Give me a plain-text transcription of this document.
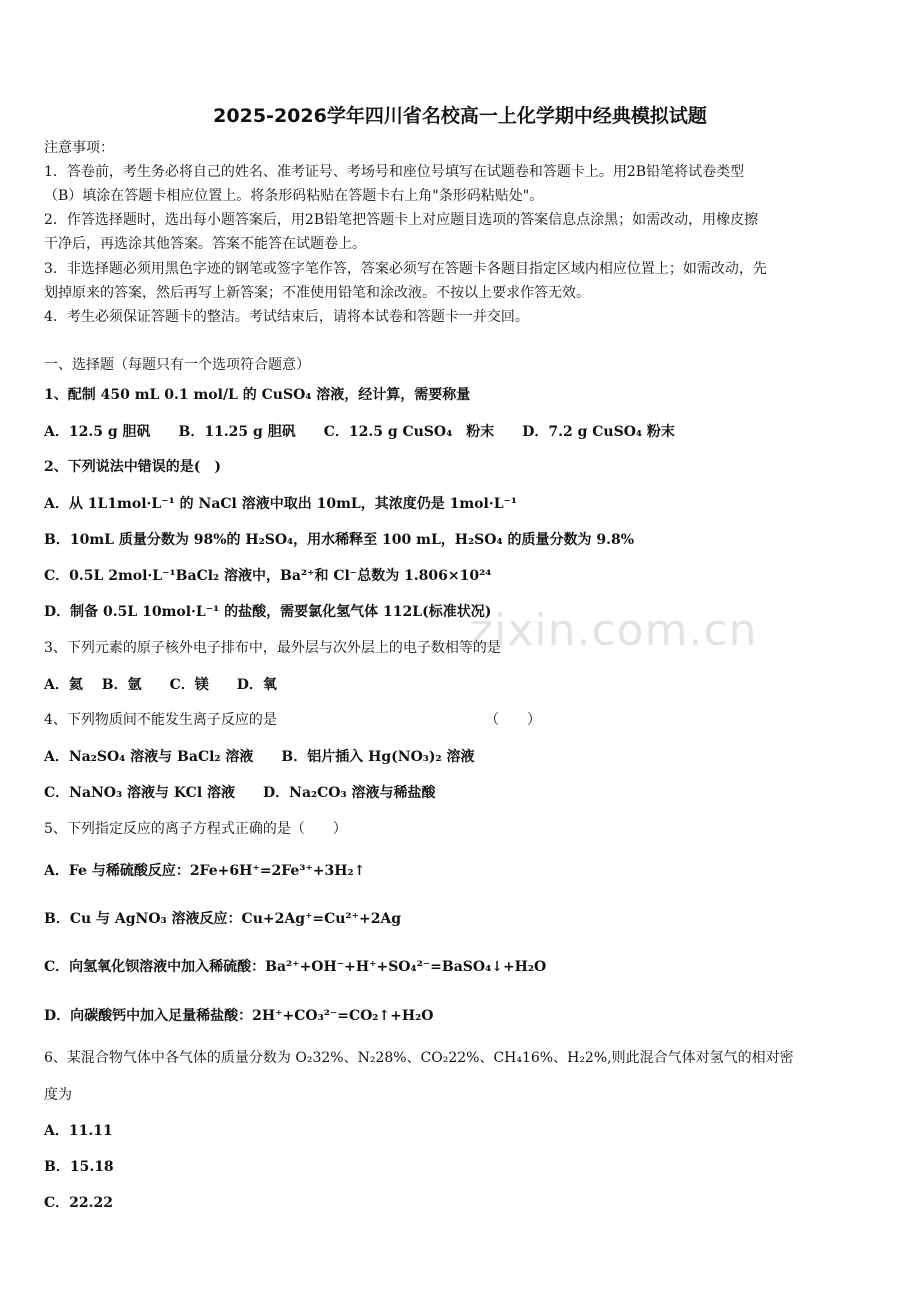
zixin.com.cn
2025-2026学年四川省名校高一上化学期中经典模拟试题
注意事项：
1．答卷前，考生务必将自己的姓名、准考证号、考场号和座位号填写在试题卷和答题卡上。用2B铅笔将试卷类型
（B）填涂在答题卡相应位置上。将条形码粘贴在答题卡右上角"条形码粘贴处"。
2．作答选择题时，选出每小题答案后，用2B铅笔把答题卡上对应题目选项的答案信息点涂黑；如需改动，用橡皮擦
干净后，再选涂其他答案。答案不能答在试题卷上。
3．非选择题必须用黑色字迹的钢笔或签字笔作答，答案必须写在答题卡各题目指定区域内相应位置上；如需改动，先
划掉原来的答案，然后再写上新答案；不准使用铅笔和涂改液。不按以上要求作答无效。
4．考生必须保证答题卡的整洁。考试结束后，请将本试卷和答题卡一并交回。
一、选择题（每题只有一个选项符合题意）
1、配制 450 mL 0.1 mol/L 的 CuSO₄ 溶液，经计算，需要称量
A．12.5 g 胆矾　　B．11.25 g 胆矾　　C．12.5 g CuSO₄　粉末　　D．7.2 g CuSO₄ 粉末
2、下列说法中错误的是(　)
A．从 1L1mol·L⁻¹ 的 NaCl 溶液中取出 10mL，其浓度仍是 1mol·L⁻¹
B．10mL 质量分数为 98%的 H₂SO₄，用水稀释至 100 mL，H₂SO₄ 的质量分数为 9.8%
C．0.5L 2mol·L⁻¹BaCl₂ 溶液中，Ba²⁺和 Cl⁻总数为 1.806×10²⁴
D．制备 0.5L 10mol·L⁻¹ 的盐酸，需要氯化氢气体 112L(标准状况)
3、下列元素的原子核外电子排布中，最外层与次外层上的电子数相等的是
A．氦　 B．氩　　C．镁　　D．氧
4、下列物质间不能发生离子反应的是	（　　）
A．Na₂SO₄ 溶液与 BaCl₂ 溶液　　B．铝片插入 Hg(NO₃)₂ 溶液
C．NaNO₃ 溶液与 KCl 溶液　　D．Na₂CO₃ 溶液与稀盐酸
5、下列指定反应的离子方程式正确的是（　　）
A．Fe 与稀硫酸反应：2Fe+6H⁺=2Fe³⁺+3H₂↑
B．Cu 与 AgNO₃ 溶液反应：Cu+2Ag⁺=Cu²⁺+2Ag
C．向氢氧化钡溶液中加入稀硫酸：Ba²⁺+OH⁻+H⁺+SO₄²⁻=BaSO₄↓+H₂O
D．向碳酸钙中加入足量稀盐酸：2H⁺+CO₃²⁻=CO₂↑+H₂O
6、某混合物气体中各气体的质量分数为 O₂32%、N₂28%、CO₂22%、CH₄16%、H₂2%,则此混合气体对氢气的相对密
度为
A．11.11
B．15.18
C．22.22
